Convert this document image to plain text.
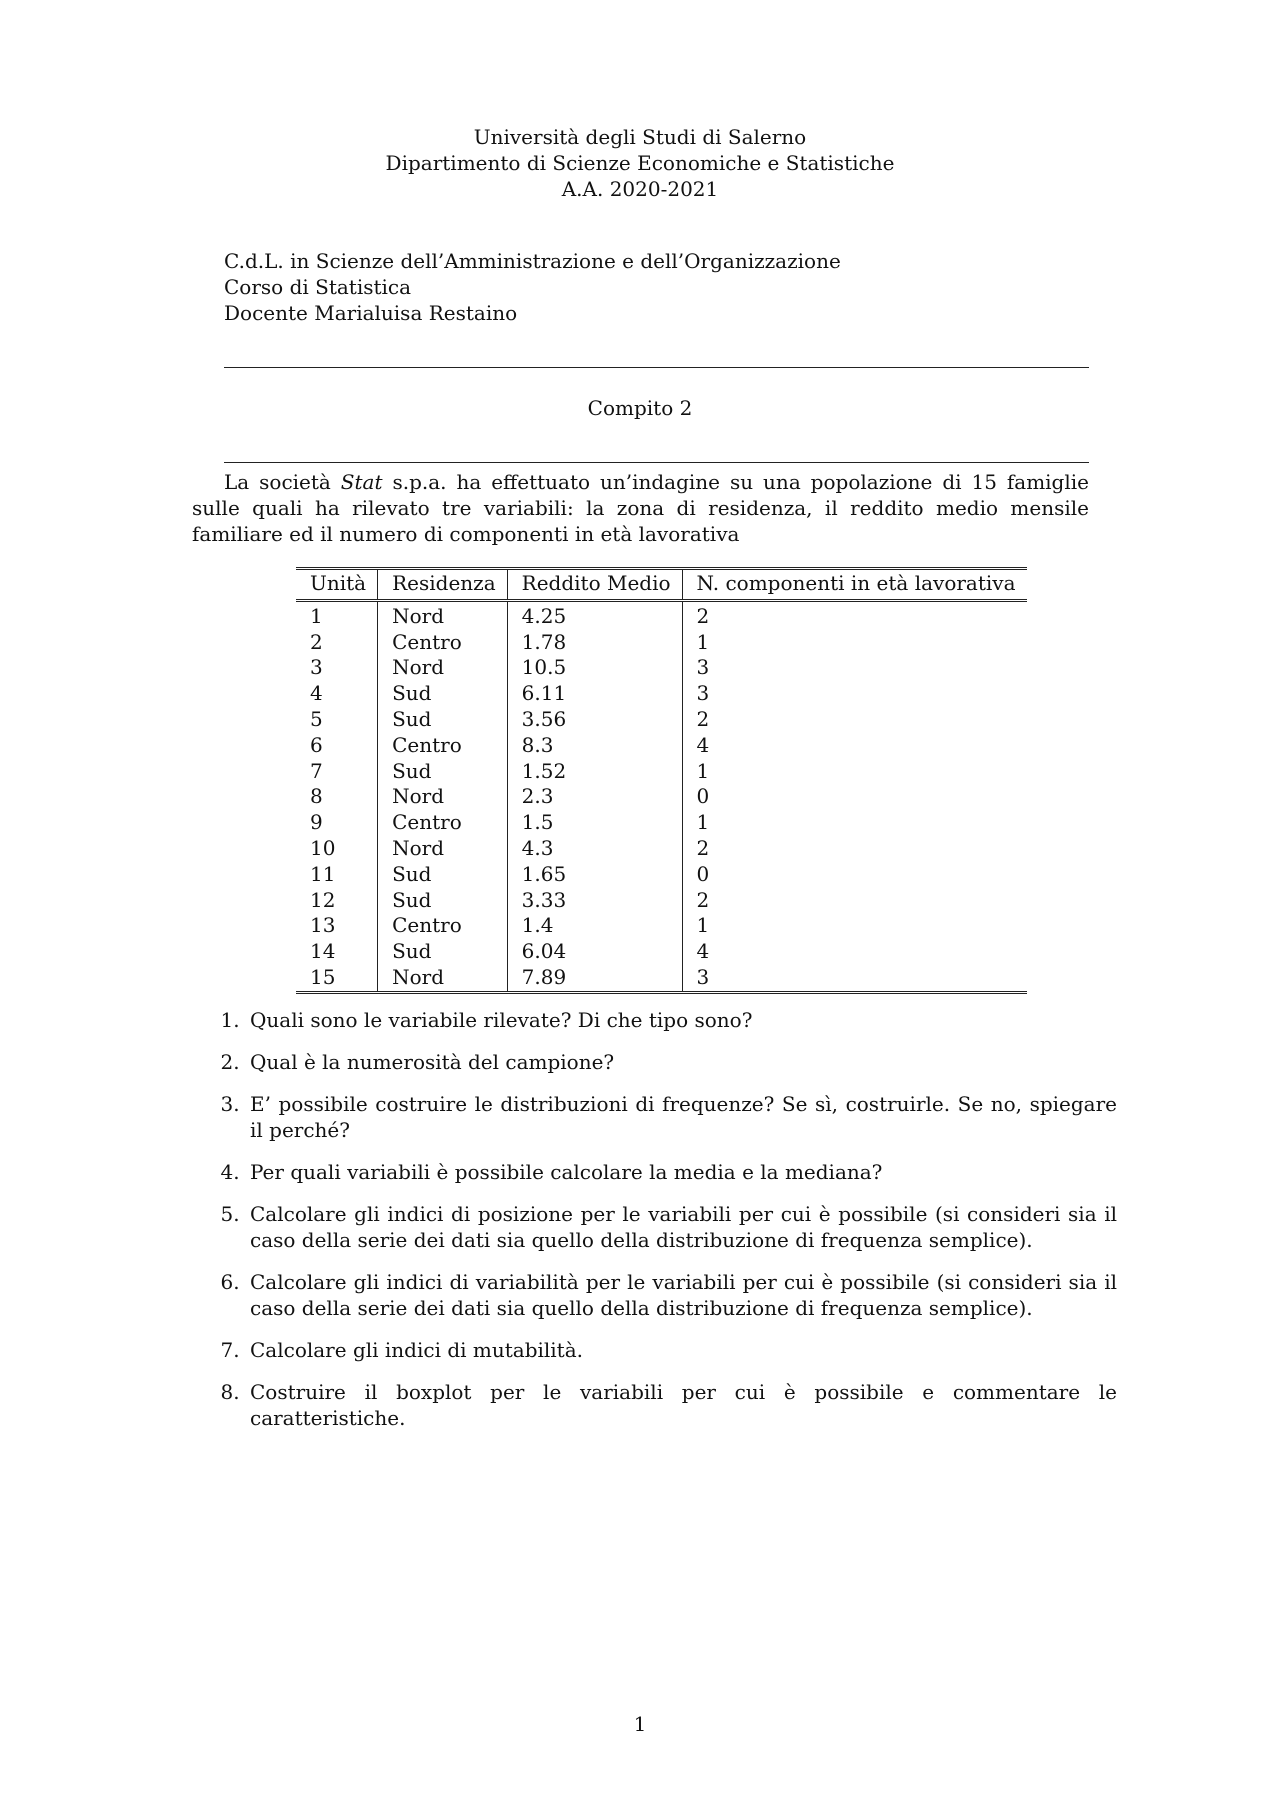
Università degli Studi di Salerno
Dipartimento di Scienze Economiche e Statistiche
A.A. 2020-2021
C.d.L. in Scienze dell’Amministrazione e dell’Organizzazione
Corso di Statistica
Docente Marialuisa Restaino
Compito 2

La società Stat s.p.a. ha effettuato un’indagine su una popolazione di 15 famiglie sulle quali ha rilevato tre variabili: la zona di residenza, il reddito medio mensile familiare ed il numero di componenti in età lavorativa

Unità	Residenza	Reddito Medio	N. componenti in età lavorativa
1	Nord	4.25	2
2	Centro	1.78	1
3	Nord	10.5	3
4	Sud	6.11	3
5	Sud	3.56	2
6	Centro	8.3	4
7	Sud	1.52	1
8	Nord	2.3	0
9	Centro	1.5	1
10	Nord	4.3	2
11	Sud	1.65	0
12	Sud	3.33	2
13	Centro	1.4	1
14	Sud	6.04	4
15	Nord	7.89	3
1. Quali sono le variabile rilevate? Di che tipo sono?
2. Qual è la numerosità del campione?
3. E’ possibile costruire le distribuzioni di frequenze? Se sì, costruirle. Se no, spiegare il perché?
4. Per quali variabili è possibile calcolare la media e la mediana?
5. Calcolare gli indici di posizione per le variabili per cui è possibile (si consideri sia il caso della serie dei dati sia quello della distribuzione di frequenza semplice).
6. Calcolare gli indici di variabilità per le variabili per cui è possibile (si consideri sia il caso della serie dei dati sia quello della distribuzione di frequenza semplice).
7. Calcolare gli indici di mutabilità.
8. Costruire il boxplot per le variabili per cui è possibile e commentare le caratteristiche.
1
